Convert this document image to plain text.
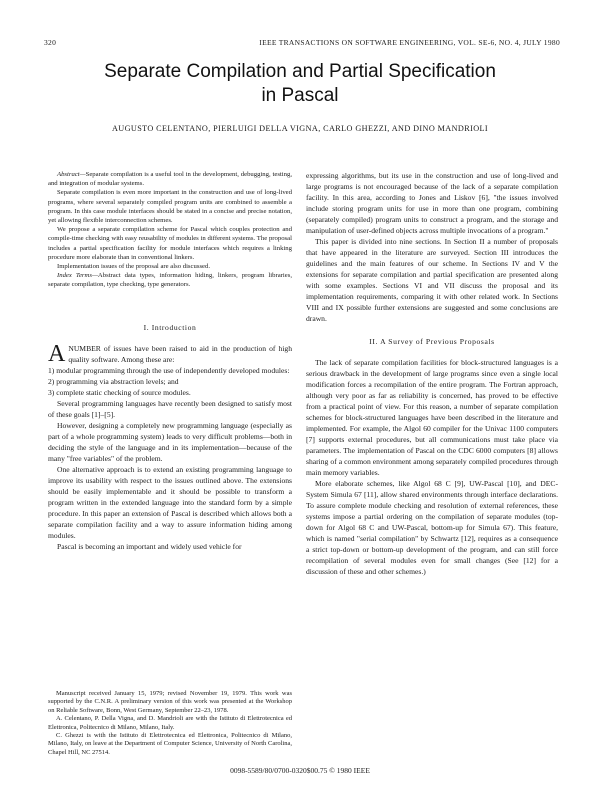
320	IEEE TRANSACTIONS ON SOFTWARE ENGINEERING, VOL. SE-6, NO. 4, JULY 1980
Separate Compilation and Partial Specification
in Pascal
AUGUSTO CELENTANO, PIERLUIGI DELLA VIGNA, CARLO GHEZZI, AND DINO MANDRIOLI

Abstract—Separate compilation is a useful tool in the development, debugging, testing, and integration of modular systems.

Separate compilation is even more important in the construction and use of long-lived programs, where several separately compiled program units are combined to assemble a program. In this case module interfaces should be stated in a concise and precise notation, yet allowing flexible interconnection schemes.

We propose a separate compilation scheme for Pascal which couples protection and compile-time checking with easy reusability of modules in different systems. The proposal includes a partial specification facility for module interfaces which requires a linking procedure more elaborate than in conventional linkers.

Implementation issues of the proposal are also discussed.

Index Terms—Abstract data types, information hiding, linkers, program libraries, separate compilation, type checking, type generators.

I. Introduction

ANUMBER of issues have been raised to aid in the production of high quality software. Among these are:

1) modular programming through the use of independently developed modules:

2) programming via abstraction levels; and

3) complete static checking of source modules.

Several programming languages have recently been designed to satisfy most of these goals [1]–[5].

However, designing a completely new programming language (especially as part of a whole programming system) leads to very difficult problems—both in deciding the style of the language and in its implementation—because of the many "free variables" of the problem.

One alternative approach is to extend an existing programming language to improve its usability with respect to the issues outlined above. The extensions should be easily implementable and it should be possible to transform a program written in the extended language into the standard form by a simple procedure. In this paper an extension of Pascal is described which allows both a separate compilation facility and a way to assure information hiding among modules.

Pascal is becoming an important and widely used vehicle for

Manuscript received January 15, 1979; revised November 19, 1979. This work was supported by the C.N.R. A preliminary version of this work was presented at the Workshop on Reliable Software, Bonn, West Germany, September 22–23, 1978.

A. Celentano, P. Della Vigna, and D. Mandrioli are with the Istituto di Elettrotecnica ed Elettronica, Politecnico di Milano, Milano, Italy.

C. Ghezzi is with the Istituto di Elettrotecnica ed Elettronica, Politecnico di Milano, Milano, Italy, on leave at the Department of Computer Science, University of North Carolina, Chapel Hill, NC 27514.

expressing algorithms, but its use in the construction and use of long-lived and large programs is not encouraged because of the lack of a separate compilation facility. In this area, according to Jones and Liskov [6], "the issues involved include storing program units for use in more than one program, combining (separately compiled) program units to construct a program, and the storage and manipulation of user-defined objects across multiple invocations of a program."

This paper is divided into nine sections. In Section II a number of proposals that have appeared in the literature are surveyed. Section III introduces the guidelines and the main features of our scheme. In Sections IV and V the extensions for separate compilation and partial specification are presented along with some examples. Sections VI and VII discuss the proposal and its implementation requirements, comparing it with other related work. In Sections VIII and IX possible further extensions are suggested and some conclusions are drawn.

II. A Survey of Previous Proposals

The lack of separate compilation facilities for block-structured languages is a serious drawback in the development of large programs since even a single local modification forces a recompilation of the entire program. The Fortran approach, although very poor as far as reliability is concerned, has proved to be effective from a practical point of view. For this reason, a number of separate compilation schemes for block-structured languages have been described in the literature and implemented. For example, the Algol 60 compiler for the Univac 1100 computers [7] supports external procedures, but all communications must take place via parameters. The implementation of Pascal on the CDC 6000 computers [8] allows sharing of a common environment among separately compiled procedures through main memory variables.

More elaborate schemes, like Algol 68 C [9], UW-Pascal [10], and DEC-System Simula 67 [11], allow shared environments through interface declarations. To assure complete module checking and resolution of external references, these systems impose a partial ordering on the compilation of separate modules (top-down for Algol 68 C and UW-Pascal, bottom-up for Simula 67). This feature, which is named "serial compilation" by Schwartz [12], requires as a consequence a strict top-down or bottom-up development of the program, and can still force recompilation of several modules even for small changes (See [12] for a discussion of these and other schemes.)

0098-5589/80/0700-0320$00.75 © 1980 IEEE
